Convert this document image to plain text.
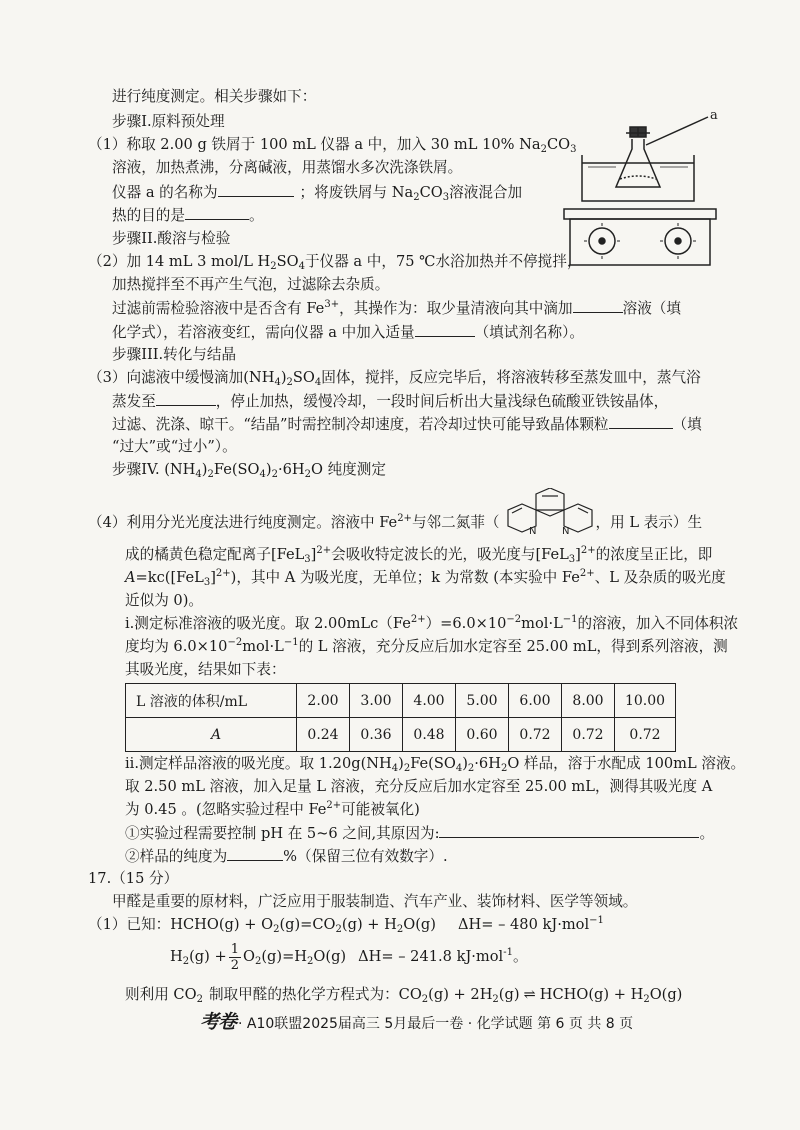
进行纯度测定。相关步骤如下：
步骤I.原料预处理
（1）称取 2.00 g 铁屑于 100 mL 仪器 a 中，加入 30 mL 10% $Na_2CO_3$
溶液，加热煮沸，分离碱液，用蒸馏水多次洗涤铁屑。
仪器 a 的名称为	；将废铁屑与 $Na_2CO_3$溶液混合加
热的目的是	。
步骤II.酸溶与检验
a
（2）加 14 mL 3 mol/L $H_2SO_4$于仪器 a 中，75 ℃水浴加热并不停搅拌，
加热搅拌至不再产生气泡，过滤除去杂质。
过滤前需检验溶液中是否含有 $Fe^{3+}$，其操作为：取少量清液向其中滴加	溶液（填
化学式），若溶液变红，需向仪器 a 中加入适量	（填试剂名称）。
步骤III.转化与结晶
（3）向滤液中缓慢滴加$(NH_4)_2SO_4$固体，搅拌，反应完毕后，将溶液转移至蒸发皿中，蒸气浴
蒸发至	，停止加热，缓慢冷却，一段时间后析出大量浅绿色硫酸亚铁铵晶体，
过滤、洗涤、晾干。“结晶”时需控制冷却速度，若冷却过快可能导致晶体颗粒	（填
“过大”或“过小”）。
步骤IV. $(NH_4)_2Fe(SO_4)_2\cdot 6H_2O$ 纯度测定
（4）利用分光光度法进行纯度测定。溶液中 $Fe^{2+}$与邻二氮菲（	，用 L 表示）生
N	N
成的橘黄色稳定配离子$[FeL_3]^{2+}$会吸收特定波长的光，吸光度与$[FeL_3]^{2+}$的浓度呈正比，即
$A=kc([FeL_3]^{2+})$，其中 A 为吸光度，无单位；k 为常数 (本实验中 $Fe^{2+}$、L 及杂质的吸光度
近似为 0)。
i.测定标准溶液的吸光度。取 $2.00mLc(Fe^{2+})=6.0\times 10^{-2}mol\cdot L^{-1}$的溶液，加入不同体积浓
度均为 $6.0\times 10^{-2}mol\cdot L^{-1}$的 L 溶液，充分反应后加水定容至 25.00 mL，得到系列溶液，测
其吸光度，结果如下表：
L 溶液的体积/mL	2.00	3.00	4.00	5.00	6.00	8.00	10.00
A	0.24	0.36	0.48	0.60	0.72	0.72	0.72
ii.测定样品溶液的吸光度。取 $1.20g(NH_4)_2Fe(SO_4)_2\cdot 6H_2O$ 样品，溶于水配成 100mL 溶液。
取 2.50 mL 溶液，加入足量 L 溶液，充分反应后加水定容至 25.00 mL，测得其吸光度 A
为 0.45 。(忽略实验过程中 $Fe^{2+}$可能被氧化)
①实验过程需要控制 pH 在 5~6 之间,其原因为:	。
②样品的纯度为	%（保留三位有效数字）.
17.（15 分）
甲醛是重要的原材料，广泛应用于服装制造、汽车产业、装饰材料、医学等领域。
（1）已知：HCHO(g) + $O_2(g)=CO_2(g) + H_2O(g)$ ΔH= – 480 kJ·mol$^{-1}$
$H_2(g) + \frac{1}{2} O_2(g)=H_2O(g)$ ΔH= – 241.8 kJ·mol$^{-1}$。
则利用 $CO_2$ 制取甲醛的热化学方程式为：$CO_2(g) + 2H_2(g)$ ⇌ HCHO(g) + $H_2O(g)$
考卷 · A10联盟2025届高三 5月最后一卷 · 化学试题 第 6 页 共 8 页
